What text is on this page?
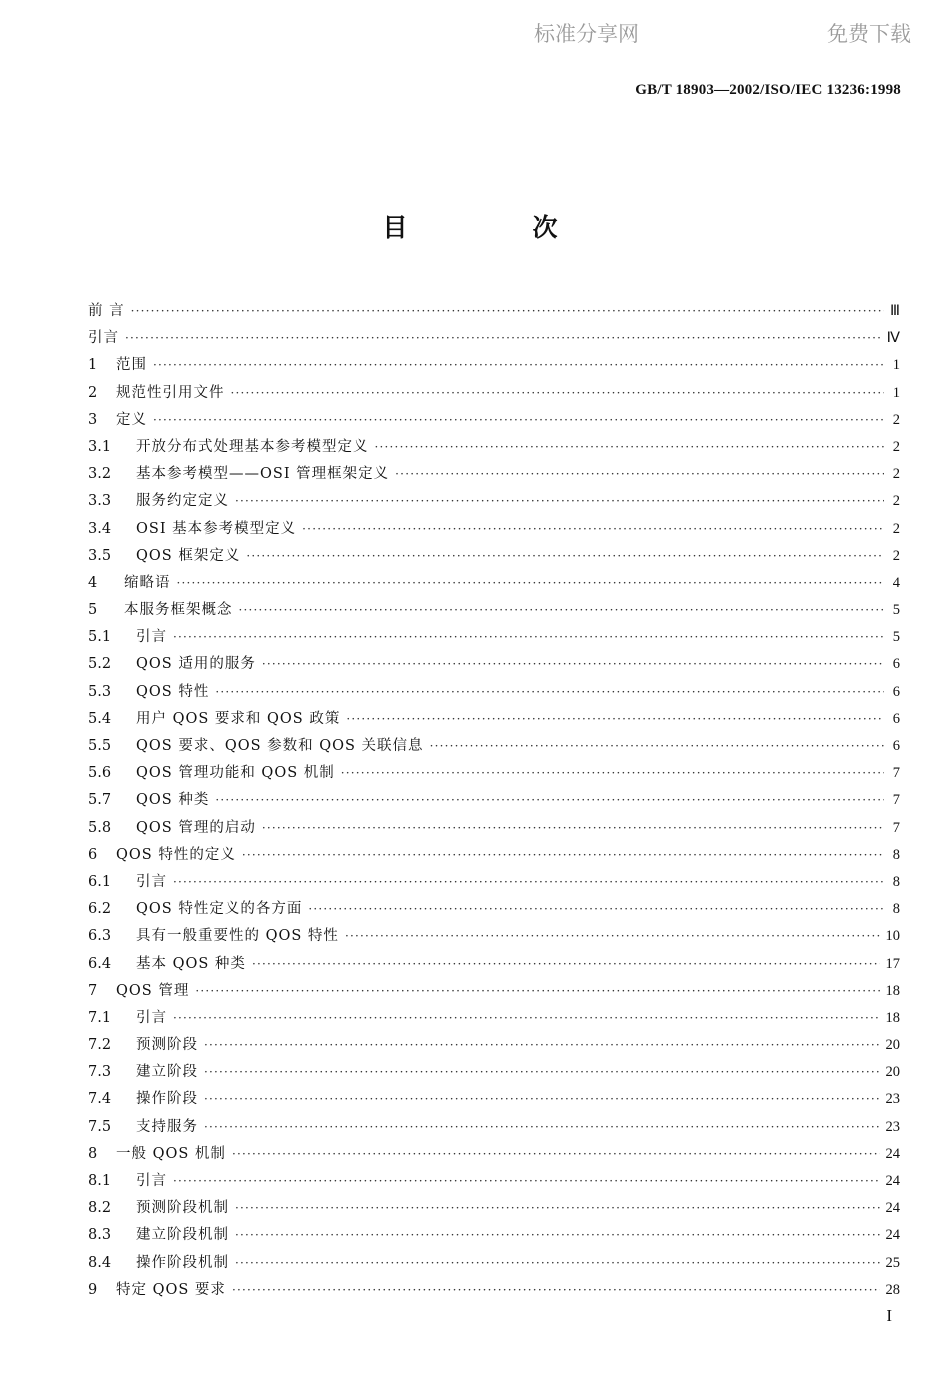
标准分享网	免费下载
GB/T 18903—2002/ISO/IEC 13236:1998
目　次
前 言 ·····	Ⅲ
引言 ·····	Ⅳ
1	范围 ·····	1
2	规范性引用文件 ·····	1
3	定义 ·····	2
3.1	开放分布式处理基本参考模型定义 ·····	2
3.2	基本参考模型——OSI 管理框架定义 ·····	2
3.3	服务约定定义 ·····	2
3.4	OSI 基本参考模型定义 ·····	2
3.5	QOS 框架定义 ·····	2
4	缩略语 ·····	4
5	本服务框架概念 ·····	5
5.1	引言 ·····	5
5.2	QOS 适用的服务 ·····	6
5.3	QOS 特性 ·····	6
5.4	用户 QOS 要求和 QOS 政策 ·····	6
5.5	QOS 要求、QOS 参数和 QOS 关联信息 ·····	6
5.6	QOS 管理功能和 QOS 机制 ·····	7
5.7	QOS 种类 ·····	7
5.8	QOS 管理的启动 ·····	7
6	QOS 特性的定义 ·····	8
6.1	引言 ·····	8
6.2	QOS 特性定义的各方面 ·····	8
6.3	具有一般重要性的 QOS 特性 ·····	10
6.4	基本 QOS 种类 ·····	17
7	QOS 管理 ·····	18
7.1	引言 ·····	18
7.2	预测阶段 ·····	20
7.3	建立阶段 ·····	20
7.4	操作阶段 ·····	23
7.5	支持服务 ·····	23
8	一般 QOS 机制 ·····	24
8.1	引言 ·····	24
8.2	预测阶段机制 ·····	24
8.3	建立阶段机制 ·····	24
8.4	操作阶段机制 ·····	25
9	特定 QOS 要求 ·····	28
I
